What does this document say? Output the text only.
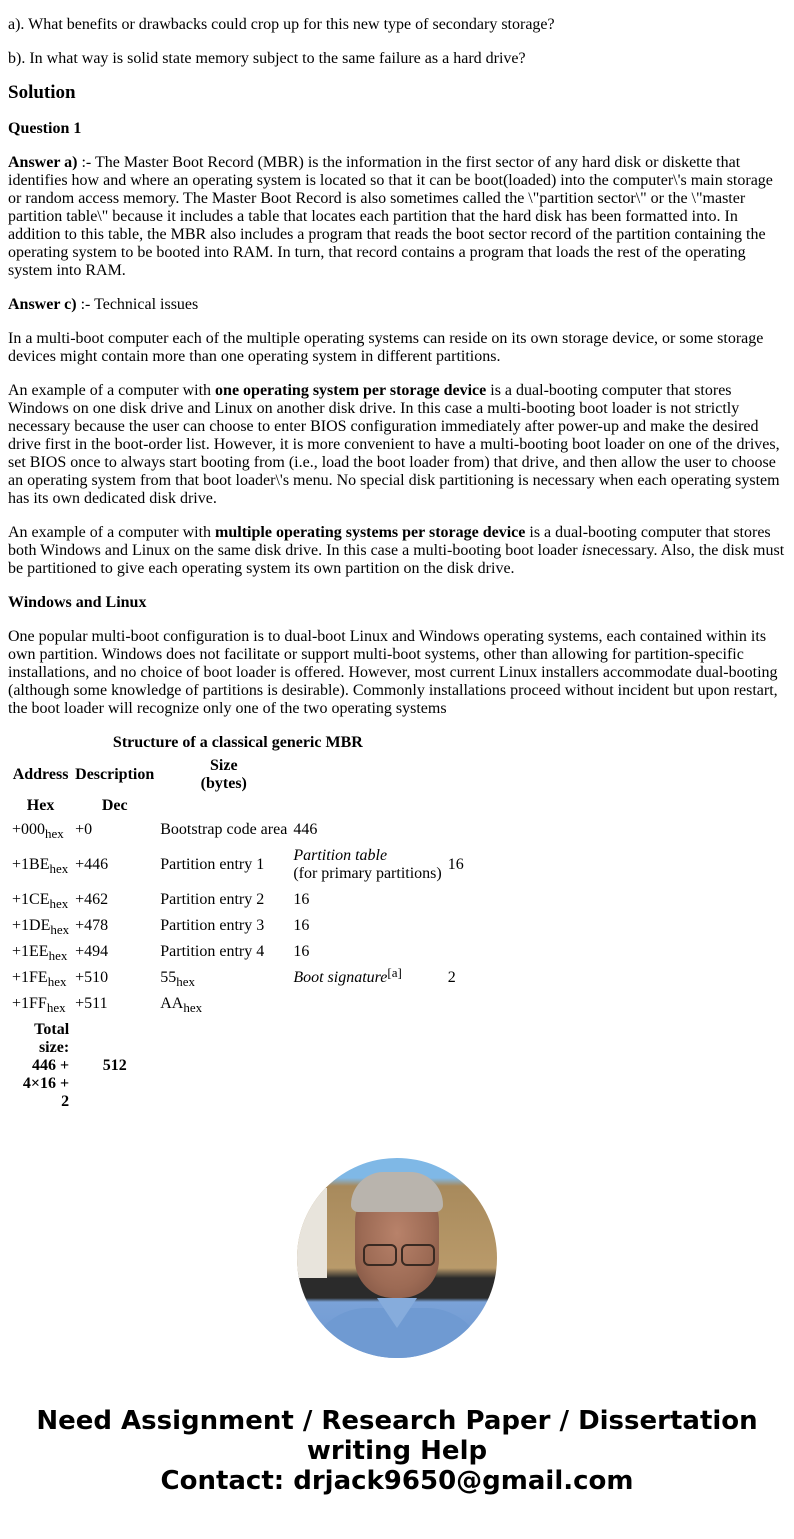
a). What benefits or drawbacks could crop up for this new type of secondary storage?

b). In what way is solid state memory subject to the same failure as a hard drive?

Solution
Question 1

Answer a) :- The Master Boot Record (MBR) is the information in the first sector of any hard disk or diskette that identifies how and where an operating system is located so that it can be boot(loaded) into the computer\'s main storage or random access memory. The Master Boot Record is also sometimes called the \"partition sector\" or the \"master partition table\" because it includes a table that locates each partition that the hard disk has been formatted into. In addition to this table, the MBR also includes a program that reads the boot sector record of the partition containing the operating system to be booted into RAM. In turn, that record contains a program that loads the rest of the operating system into RAM.

Answer c) :- Technical issues

In a multi-boot computer each of the multiple operating systems can reside on its own storage device, or some storage devices might contain more than one operating system in different partitions.

An example of a computer with one operating system per storage device is a dual-booting computer that stores Windows on one disk drive and Linux on another disk drive. In this case a multi-booting boot loader is not strictly necessary because the user can choose to enter BIOS configuration immediately after power-up and make the desired drive first in the boot-order list. However, it is more convenient to have a multi-booting boot loader on one of the drives, set BIOS once to always start booting from (i.e., load the boot loader from) that drive, and then allow the user to choose an operating system from that boot loader\'s menu. No special disk partitioning is necessary when each operating system has its own dedicated disk drive.

An example of a computer with multiple operating systems per storage device is a dual-booting computer that stores both Windows and Linux on the same disk drive. In this case a multi-booting boot loader isnecessary. Also, the disk must be partitioned to give each operating system its own partition on the disk drive.

Windows and Linux

One popular multi-boot configuration is to dual-boot Linux and Windows operating systems, each contained within its own partition. Windows does not facilitate or support multi-boot systems, other than allowing for partition-specific installations, and no choice of boot loader is offered. However, most current Linux installers accommodate dual-booting (although some knowledge of partitions is desirable). Commonly installations proceed without incident but upon restart, the boot loader will recognize only one of the two operating systems

Structure of a classical generic MBR
Address	Description	Size
(bytes)		
Hex	Dec			
$+000_{hex}$	+0	Bootstrap code area	446	
$+1BE_{hex}$	+446	Partition entry 1	Partition table
(for primary partitions)	16
$+1CE_{hex}$	+462	Partition entry 2	16	
$+1DE_{hex}$	+478	Partition entry 3	16	
$+1EE_{hex}$	+494	Partition entry 4	16	
$+1FE_{hex}$	+510	$55_{hex}$	Boot signature[a]	2
$+1FF_{hex}$	+511	$AA_{hex}$		
Total
size:
446 +
4×16 +
2	512			
Need Assignment / Research Paper / Dissertation
writing Help
Contact: drjack9650@gmail.com
